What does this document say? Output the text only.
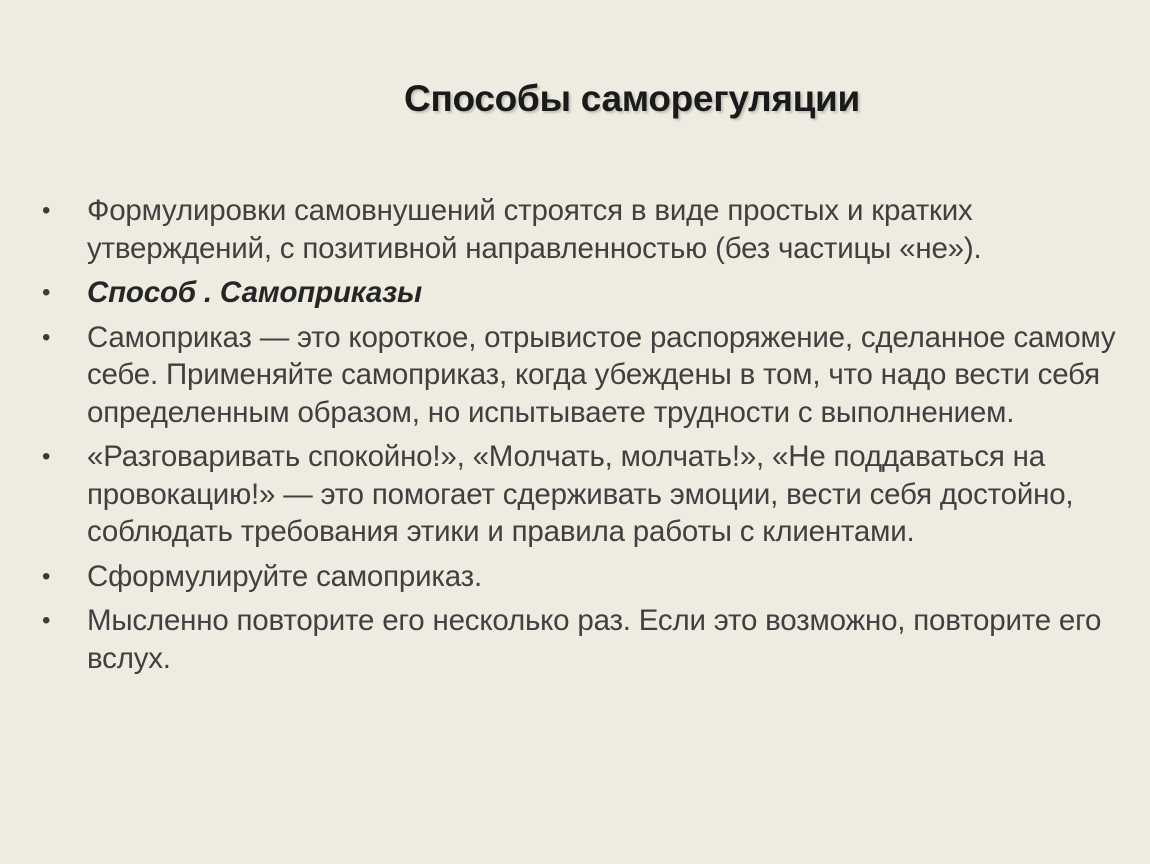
Способы саморегуляции
• Формулировки самовнушений строятся в виде простых и кратких утверждений, с позитивной направленностью (без частицы «не»).
• Способ . Самоприказы
• Самоприказ — это короткое, отрывистое распоряжение, сделанное самому себе. Применяйте самоприказ, когда убеждены в том, что надо вести себя определенным образом, но испытываете трудности с выполнением.
• «Разговаривать спокойно!», «Молчать, молчать!», «Не поддаваться на провокацию!» — это помогает сдерживать эмоции, вести себя достойно, соблюдать требования этики и правила работы с клиентами.
• Сформулируйте самоприказ.
• Мысленно повторите его несколько раз. Если это возможно, повторите его вслух.
